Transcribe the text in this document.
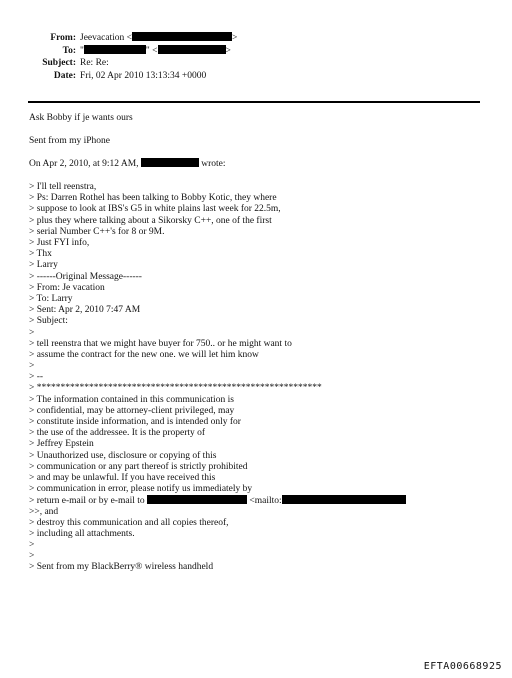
From: Jeevacation <	>
To: "	" <	>
Subject: Re: Re:
Date: Fri, 02 Apr 2010 13:13:34 +0000
Ask Bobby if je wants ours
Sent from my iPhone
On Apr 2, 2010, at 9:12 AM,	wrote:
> I'll tell reenstra,
> Ps: Darren Rothel has been talking to Bobby Kotic, they where
> suppose to look at IBS's G5 in white plains last week for 22.5m,
> plus they where talking about a Sikorsky C++, one of the first
> serial Number C++'s for 8 or 9M.
> Just FYI info,
> Thx
> Larry
> ------Original Message------
> From: Je vacation
> To: Larry
> Sent: Apr 2, 2010 7:47 AM
> Subject:
>
> tell reenstra that we might have buyer for 750.. or he might want to
> assume the contract for the new one. we will let him know
>
> --
> ************************************************************
> The information contained in this communication is
> confidential, may be attorney-client privileged, may
> constitute inside information, and is intended only for
> the use of the addressee. It is the property of
> Jeffrey Epstein
> Unauthorized use, disclosure or copying of this
> communication or any part thereof is strictly prohibited
> and may be unlawful. If you have received this
> communication in error, please notify us immediately by
> return e-mail or by e-mail to	<mailto:
>>, and
> destroy this communication and all copies thereof,
> including all attachments.
>
>
> Sent from my BlackBerry® wireless handheld
EFTA00668925
